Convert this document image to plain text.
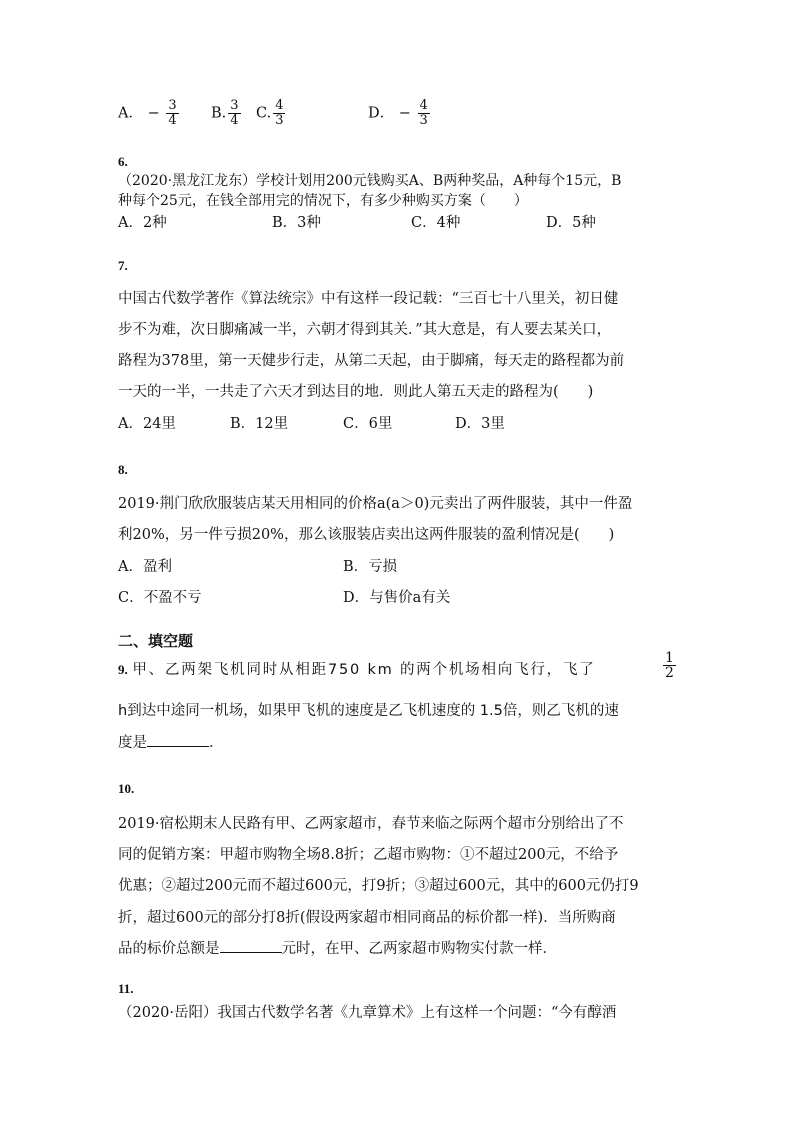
A． − $\frac{3}{4} B$. $\frac{3}{4} C$. $\frac{4}{3}$	D． − $\frac{4}{3}$
6.
（2020·黑龙江龙东）学校计划用200元钱购买A、B两种奖品，A种每个15元，B
种每个25元，在钱全部用完的情况下，有多少种购买方案（　　）
A．2种	B．3种	C．4种	D．5种
7.
中国古代数学著作《算法统宗》中有这样一段记载：“三百七十八里关，初日健
步不为难，次日脚痛减一半，六朝才得到其关．”其大意是，有人要去某关口，
路程为378里，第一天健步行走，从第二天起，由于脚痛，每天走的路程都为前
一天的一半，一共走了六天才到达目的地．则此人第五天走的路程为(　　)
A．24里	B．12里	C．6里	D．3里
8.
2019·荆门欣欣服装店某天用相同的价格a(a＞0)元卖出了两件服装，其中一件盈
利20%，另一件亏损20%，那么该服装店卖出这两件服装的盈利情况是(　　)
A．盈利	B．亏损
C．不盈不亏	D．与售价a有关
二、填空题
9. 甲、乙两架飞机同时从相距750 km 的两个机场相向飞行，飞了	$\frac{1}{2}$
h到达中途同一机场，如果甲飞机的速度是乙飞机速度的 1.5倍，则乙飞机的速
度是	．
10.
2019·宿松期末人民路有甲、乙两家超市，春节来临之际两个超市分别给出了不
同的促销方案：甲超市购物全场8.8折；乙超市购物：①不超过200元，不给予
优惠；②超过200元而不超过600元，打9折；③超过600元，其中的600元仍打9
折，超过600元的部分打8折(假设两家超市相同商品的标价都一样)．当所购商
品的标价总额是	元时，在甲、乙两家超市购物实付款一样．
11.
（2020·岳阳）我国古代数学名著《九章算术》上有这样一个问题：“今有醇酒
